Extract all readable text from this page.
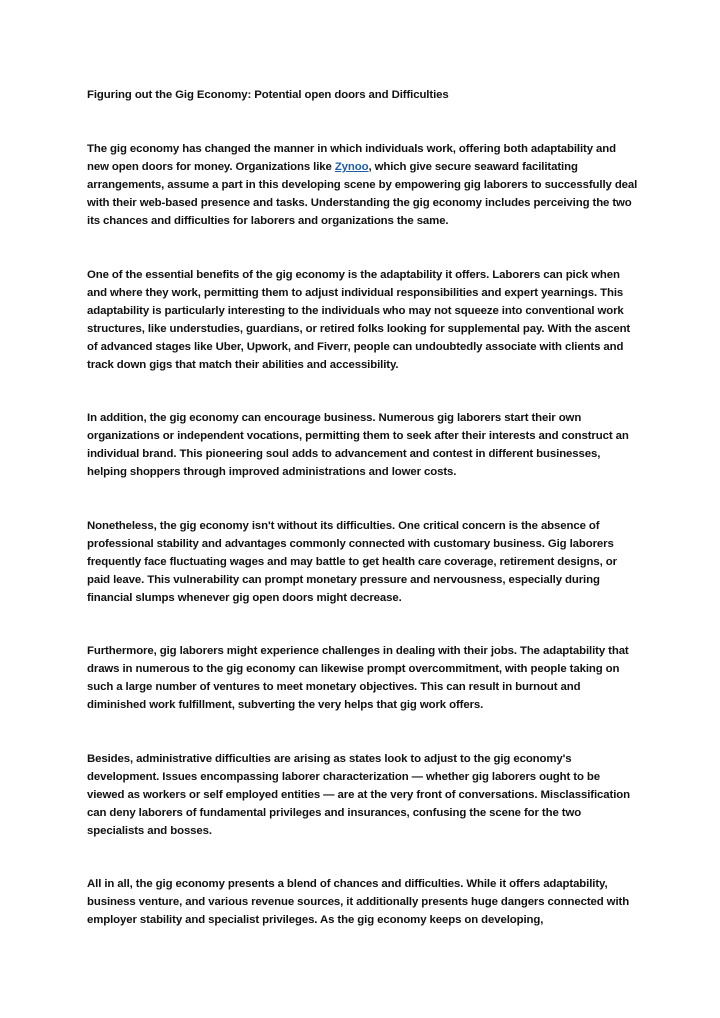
Figuring out the Gig Economy: Potential open doors and Difficulties

The gig economy has changed the manner in which individuals work, offering both adaptability and new open doors for money. Organizations like Zynoo, which give secure seaward facilitating arrangements, assume a part in this developing scene by empowering gig laborers to successfully deal with their web-based presence and tasks. Understanding the gig economy includes perceiving the two its chances and difficulties for laborers and organizations the same.

One of the essential benefits of the gig economy is the adaptability it offers. Laborers can pick when and where they work, permitting them to adjust individual responsibilities and expert yearnings. This adaptability is particularly interesting to the individuals who may not squeeze into conventional work structures, like understudies, guardians, or retired folks looking for supplemental pay. With the ascent of advanced stages like Uber, Upwork, and Fiverr, people can undoubtedly associate with clients and track down gigs that match their abilities and accessibility.

In addition, the gig economy can encourage business. Numerous gig laborers start their own organizations or independent vocations, permitting them to seek after their interests and construct an individual brand. This pioneering soul adds to advancement and contest in different businesses, helping shoppers through improved administrations and lower costs.

Nonetheless, the gig economy isn't without its difficulties. One critical concern is the absence of professional stability and advantages commonly connected with customary business. Gig laborers frequently face fluctuating wages and may battle to get health care coverage, retirement designs, or paid leave. This vulnerability can prompt monetary pressure and nervousness, especially during financial slumps whenever gig open doors might decrease.

Furthermore, gig laborers might experience challenges in dealing with their jobs. The adaptability that draws in numerous to the gig economy can likewise prompt overcommitment, with people taking on such a large number of ventures to meet monetary objectives. This can result in burnout and diminished work fulfillment, subverting the very helps that gig work offers.

Besides, administrative difficulties are arising as states look to adjust to the gig economy's development. Issues encompassing laborer characterization — whether gig laborers ought to be viewed as workers or self employed entities — are at the very front of conversations. Misclassification can deny laborers of fundamental privileges and insurances, confusing the scene for the two specialists and bosses.

All in all, the gig economy presents a blend of chances and difficulties. While it offers adaptability, business venture, and various revenue sources, it additionally presents huge dangers connected with employer stability and specialist privileges. As the gig economy keeps on developing,
